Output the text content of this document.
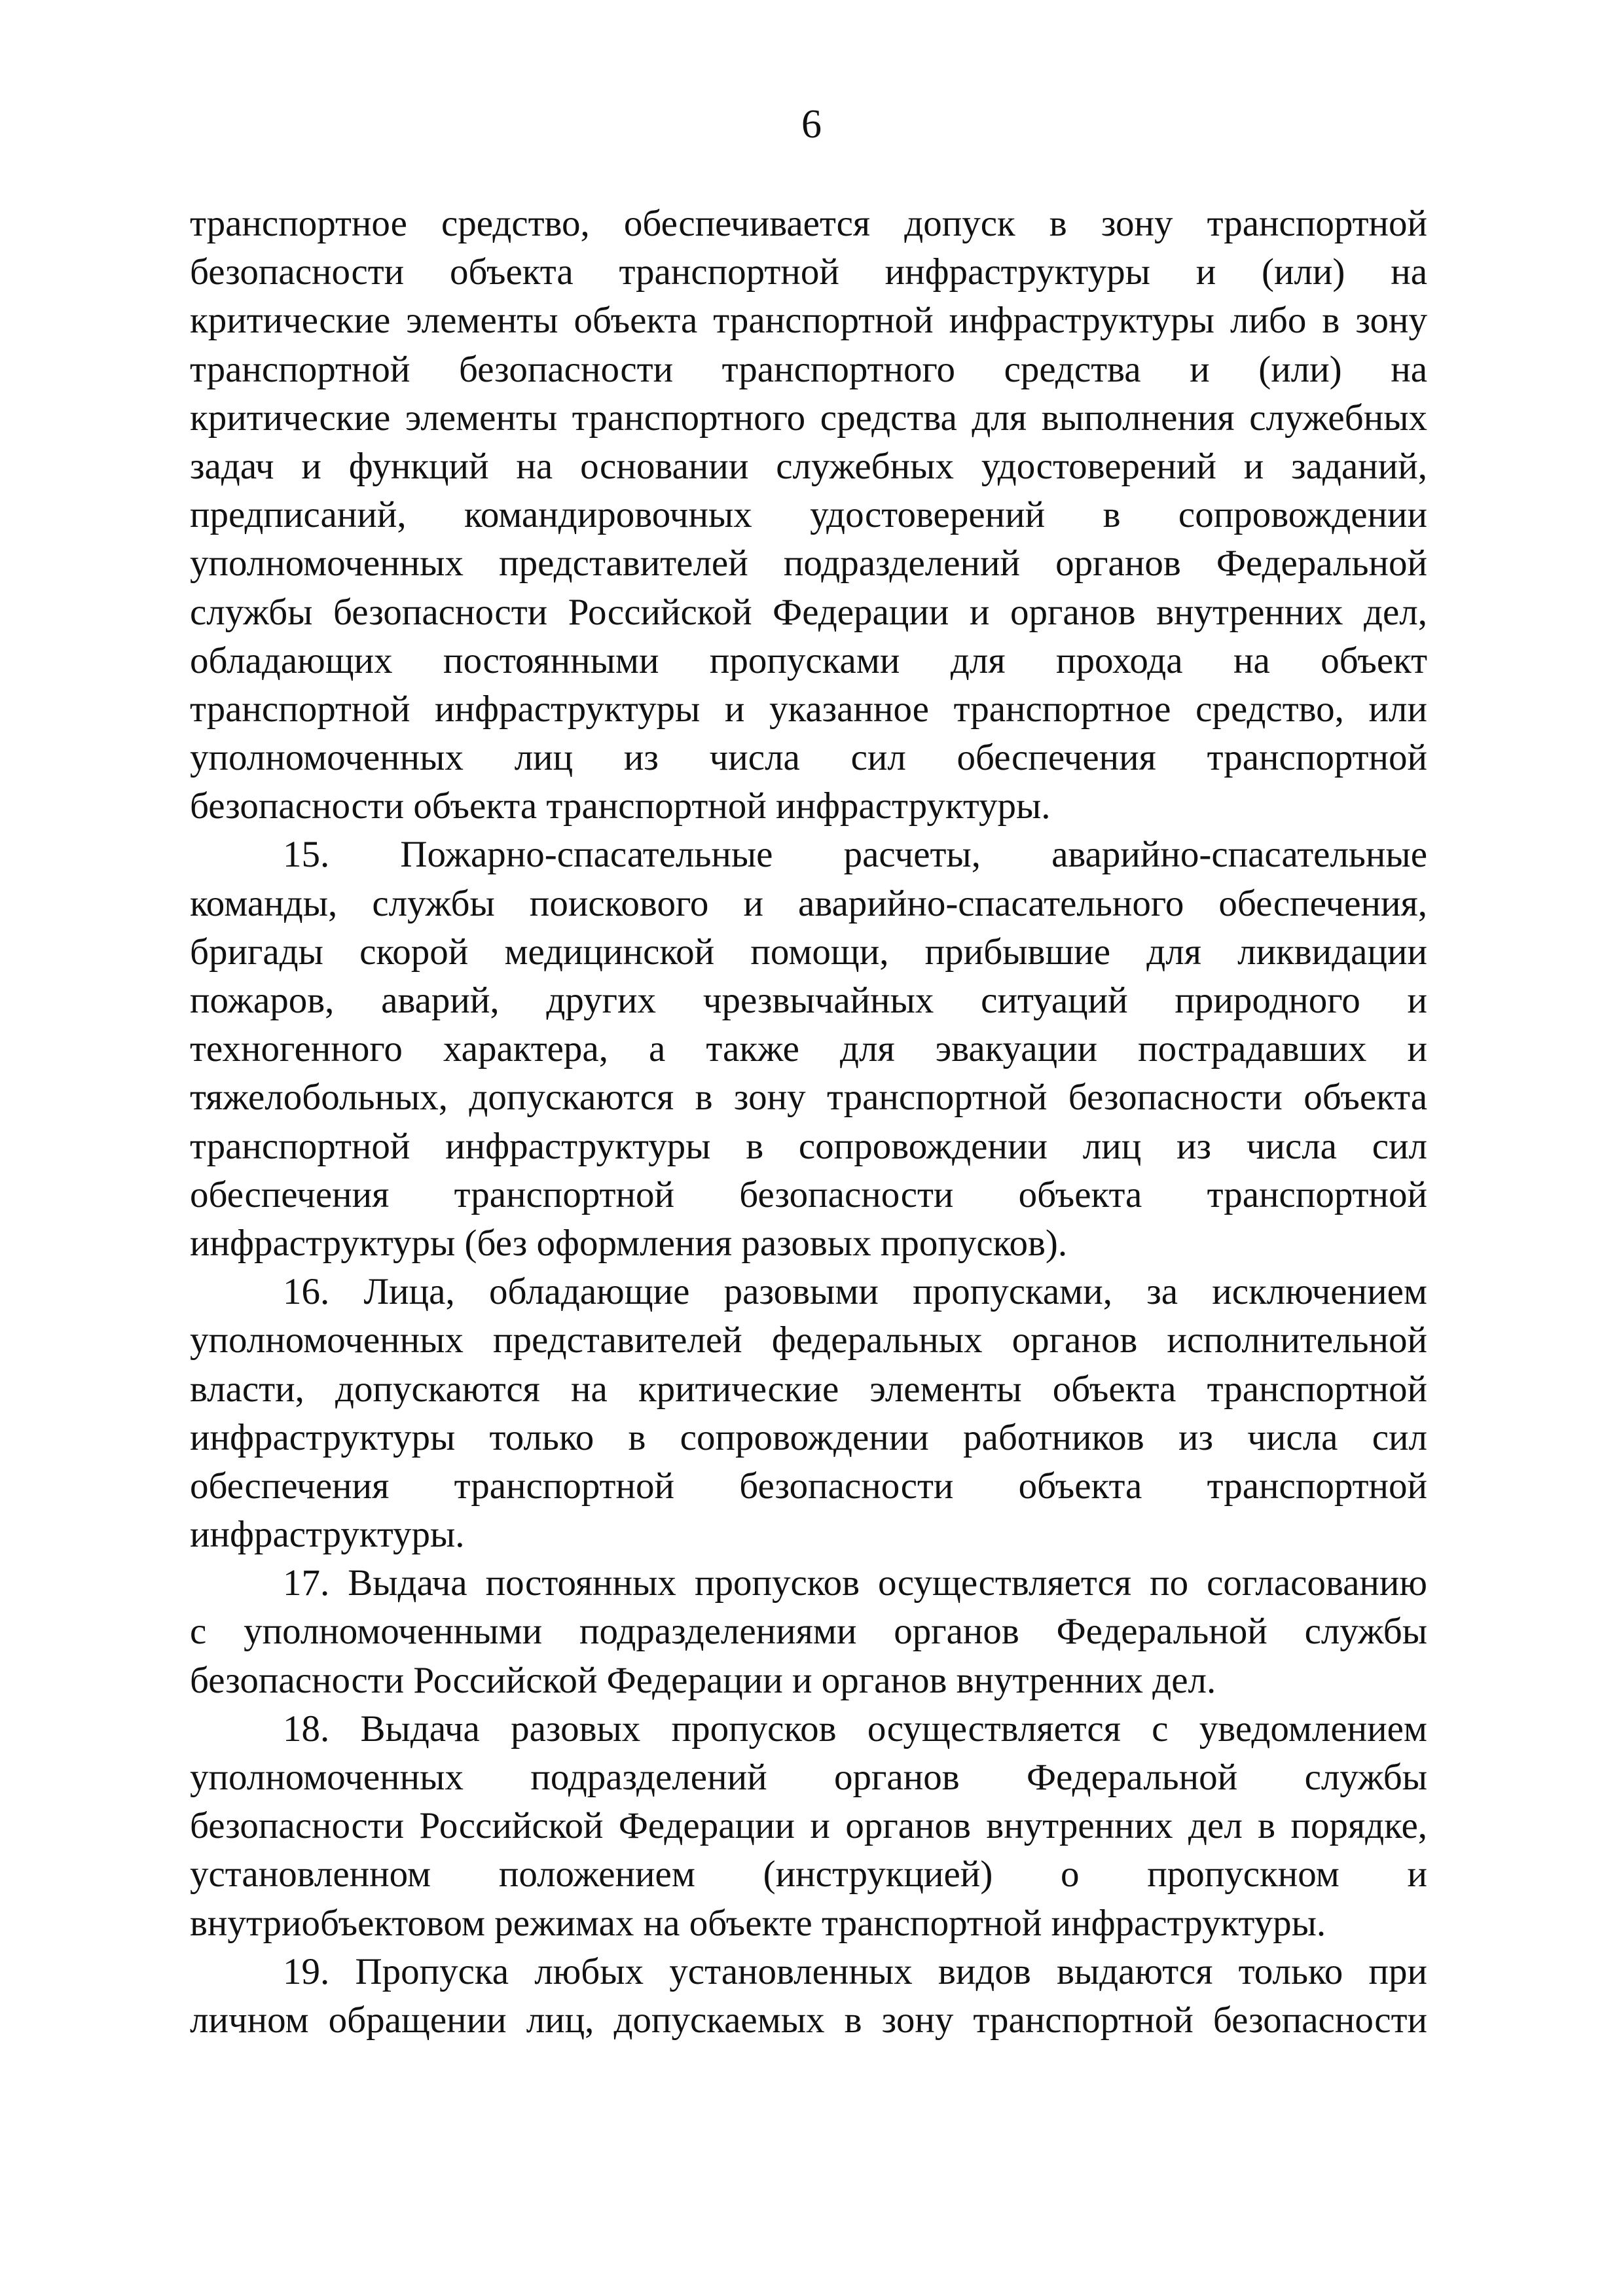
6
транспортное средство, обеспечивается допуск в зону транспортной
безопасности объекта транспортной инфраструктуры и (или) на
критические элементы объекта транспортной инфраструктуры либо в зону
транспортной безопасности транспортного средства и (или) на
критические элементы транспортного средства для выполнения служебных
задач и функций на основании служебных удостоверений и заданий,
предписаний, командировочных удостоверений в сопровождении
уполномоченных представителей подразделений органов Федеральной
службы безопасности Российской Федерации и органов внутренних дел,
обладающих постоянными пропусками для прохода на объект
транспортной инфраструктуры и указанное транспортное средство, или
уполномоченных лиц из числа сил обеспечения транспортной
безопасности объекта транспортной инфраструктуры.
15. Пожарно-спасательные расчеты, аварийно-спасательные
команды, службы поискового и аварийно-спасательного обеспечения,
бригады скорой медицинской помощи, прибывшие для ликвидации
пожаров, аварий, других чрезвычайных ситуаций природного и
техногенного характера, а также для эвакуации пострадавших и
тяжелобольных, допускаются в зону транспортной безопасности объекта
транспортной инфраструктуры в сопровождении лиц из числа сил
обеспечения транспортной безопасности объекта транспортной
инфраструктуры (без оформления разовых пропусков).
16. Лица, обладающие разовыми пропусками, за исключением
уполномоченных представителей федеральных органов исполнительной
власти, допускаются на критические элементы объекта транспортной
инфраструктуры только в сопровождении работников из числа сил
обеспечения транспортной безопасности объекта транспортной
инфраструктуры.
17. Выдача постоянных пропусков осуществляется по согласованию
с уполномоченными подразделениями органов Федеральной службы
безопасности Российской Федерации и органов внутренних дел.
18. Выдача разовых пропусков осуществляется с уведомлением
уполномоченных подразделений органов Федеральной службы
безопасности Российской Федерации и органов внутренних дел в порядке,
установленном положением (инструкцией) о пропускном и
внутриобъектовом режимах на объекте транспортной инфраструктуры.
19. Пропуска любых установленных видов выдаются только при
личном обращении лиц, допускаемых в зону транспортной безопасности
